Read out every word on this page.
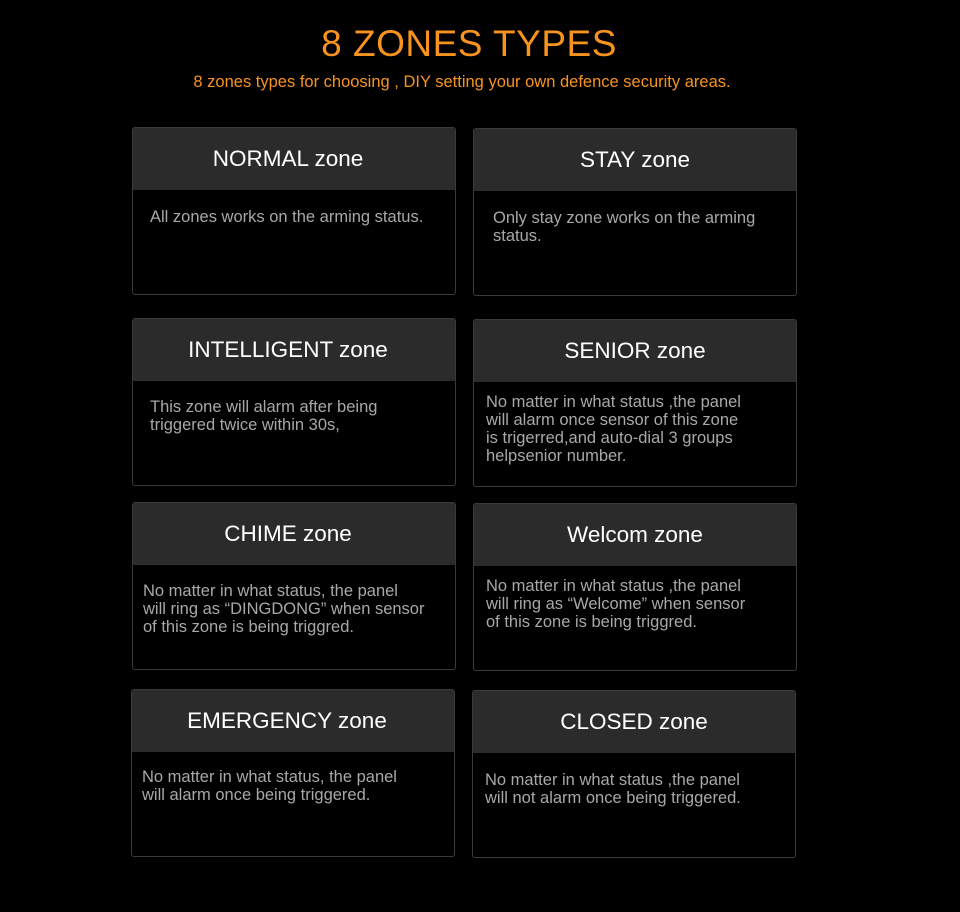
8 ZONES TYPES

8 zones types for choosing , DIY setting your own defence security areas.

NORMAL zone
All zones works on the arming status.
STAY zone
Only stay zone works on the arming
status.
INTELLIGENT zone
This zone will alarm after being
triggered twice within 30s,
SENIOR zone
No matter in what status ,the panel
will alarm once sensor of this zone
is trigerred,and auto-dial 3 groups
helpsenior number.
CHIME zone
No matter in what status, the panel
will ring as “DINGDONG” when sensor
of this zone is being triggred.
Welcom zone
No matter in what status ,the panel
will ring as “Welcome” when sensor
of this zone is being triggred.
EMERGENCY zone
No matter in what status, the panel
will alarm once being triggered.
CLOSED zone
No matter in what status ,the panel
will not alarm once being triggered.
